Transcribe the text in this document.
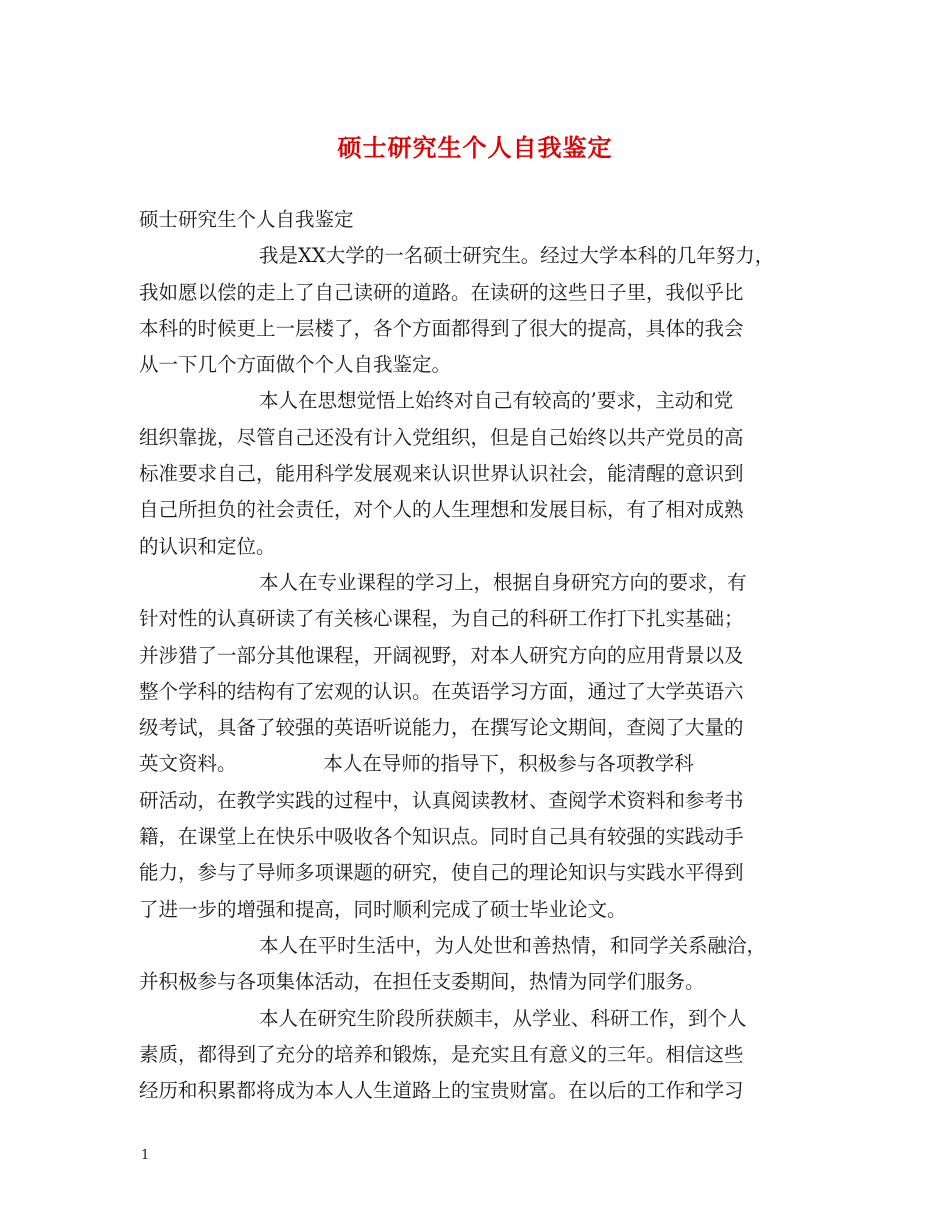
硕士研究生个人自我鉴定
硕士研究生个人自我鉴定
我是XX大学的一名硕士研究生。经过大学本科的几年努力，
我如愿以偿的走上了自己读研的道路。在读研的这些日子里，我似乎比
本科的时候更上一层楼了，各个方面都得到了很大的提高，具体的我会
从一下几个方面做个个人自我鉴定。
本人在思想觉悟上始终对自己有较高的’要求，主动和党
组织靠拢，尽管自己还没有计入党组织，但是自己始终以共产党员的高
标准要求自己，能用科学发展观来认识世界认识社会，能清醒的意识到
自己所担负的社会责任，对个人的人生理想和发展目标，有了相对成熟
的认识和定位。
本人在专业课程的学习上，根据自身研究方向的要求，有
针对性的认真研读了有关核心课程，为自己的科研工作打下扎实基础；
并涉猎了一部分其他课程，开阔视野，对本人研究方向的应用背景以及
整个学科的结构有了宏观的认识。在英语学习方面，通过了大学英语六
级考试，具备了较强的英语听说能力，在撰写论文期间，查阅了大量的
英文资料。              本人在导师的指导下，积极参与各项教学科
研活动，在教学实践的过程中，认真阅读教材、查阅学术资料和参考书
籍，在课堂上在快乐中吸收各个知识点。同时自己具有较强的实践动手
能力，参与了导师多项课题的研究，使自己的理论知识与实践水平得到
了进一步的增强和提高，同时顺利完成了硕士毕业论文。
本人在平时生活中，为人处世和善热情，和同学关系融洽，
并积极参与各项集体活动，在担任支委期间，热情为同学们服务。
本人在研究生阶段所获颇丰，从学业、科研工作，到个人
素质，都得到了充分的培养和锻炼，是充实且有意义的三年。相信这些
经历和积累都将成为本人人生道路上的宝贵财富。在以后的工作和学习
1
